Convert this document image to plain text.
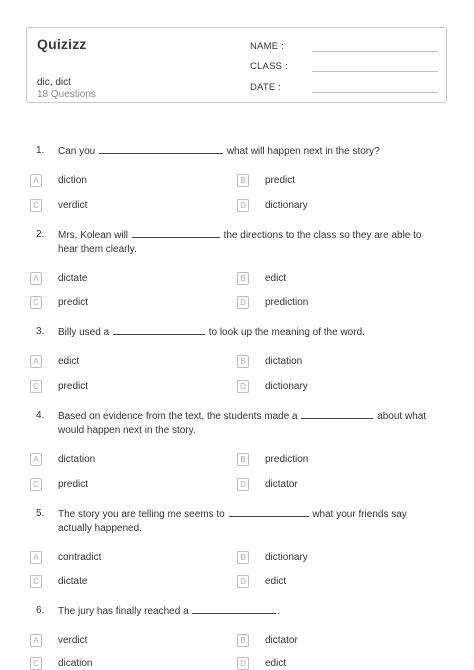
Quizizz
dic, dict
18 Questions
NAME :
CLASS :
DATE :
1. Can you	what will happen next in the story?
A	diction	B	predict
C	verdict	D	dictionary
2. Mrs. Kolean will	the directions to the class so they are able to hear them clearly.
A	dictate	B	edict
C	predict	D	prediction
3. Billy used a	to look up the meaning of the word.
A	edict	B	dictation
C	predict	D	dictionary
4. Based on evidence from the text, the students made a	about what would happen next in the story.
A	dictation	B	prediction
C	predict	D	dictator
5. The story you are telling me seems to	what your friends say actually happened.
A	contradict	B	dictionary
C	dictate	D	edict
6. The jury has finally reached a	.
A	verdict	B	dictator
C	dication	D	edict
